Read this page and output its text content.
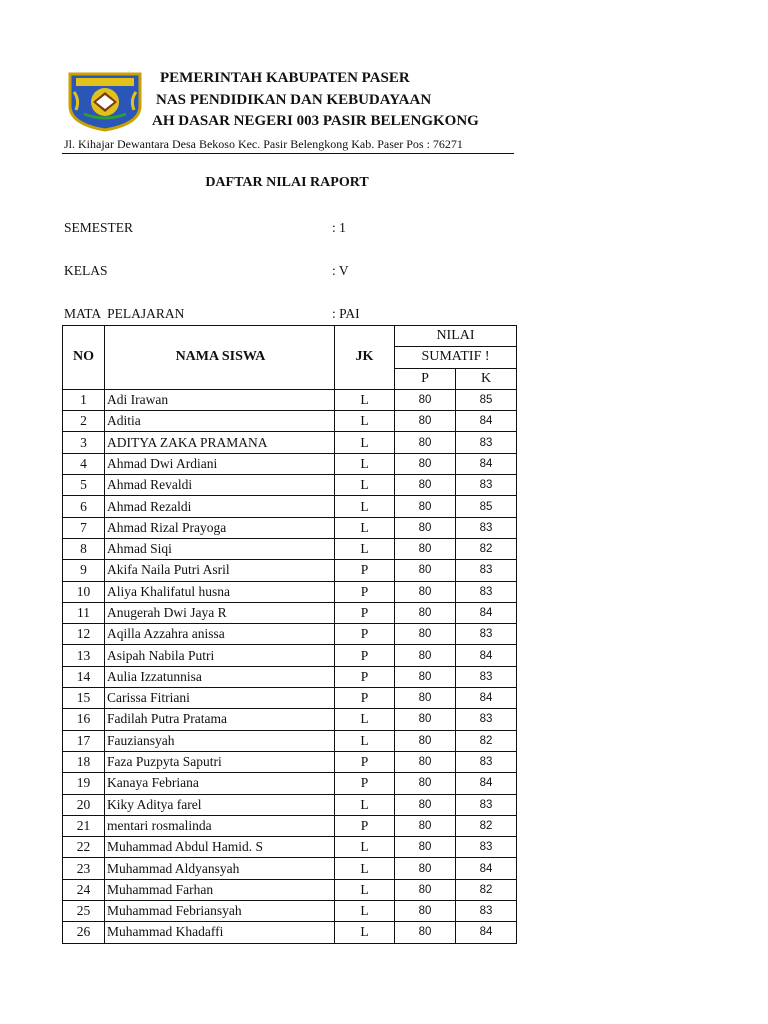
PEMERINTAH KABUPATEN PASER
NAS PENDIDIKAN DAN KEBUDAYAAN
AH DASAR NEGERI 003 PASIR BELENGKONG
Jl. Kihajar Dewantara Desa Bekoso Kec. Pasir Belengkong Kab. Paser Pos : 76271
DAFTAR NILAI RAPORT
SEMESTER	: 1
KELAS	: V
MATA  PELAJARAN	: PAI
NO	NAMA SISWA	JK	NILAI	
			SUMATIF !	
			P	K
1	Adi Irawan	L	80	85
2	Aditia	L	80	84
3	ADITYA ZAKA PRAMANA	L	80	83
4	Ahmad Dwi Ardiani	L	80	84
5	Ahmad Revaldi	L	80	83
6	Ahmad Rezaldi	L	80	85
7	Ahmad Rizal Prayoga	L	80	83
8	Ahmad Siqi	L	80	82
9	Akifa Naila Putri Asril	P	80	83
10	Aliya Khalifatul husna	P	80	83
11	Anugerah Dwi Jaya R	P	80	84
12	Aqilla Azzahra anissa	P	80	83
13	Asipah Nabila Putri	P	80	84
14	Aulia Izzatunnisa	P	80	83
15	Carissa Fitriani	P	80	84
16	Fadilah Putra Pratama	L	80	83
17	Fauziansyah	L	80	82
18	Faza Puzpyta Saputri	P	80	83
19	Kanaya Febriana	P	80	84
20	Kiky Aditya farel	L	80	83
21	mentari rosmalinda	P	80	82
22	Muhammad Abdul Hamid. S	L	80	83
23	Muhammad Aldyansyah	L	80	84
24	Muhammad Farhan	L	80	82
25	Muhammad Febriansyah	L	80	83
26	Muhammad Khadaffi	L	80	84
